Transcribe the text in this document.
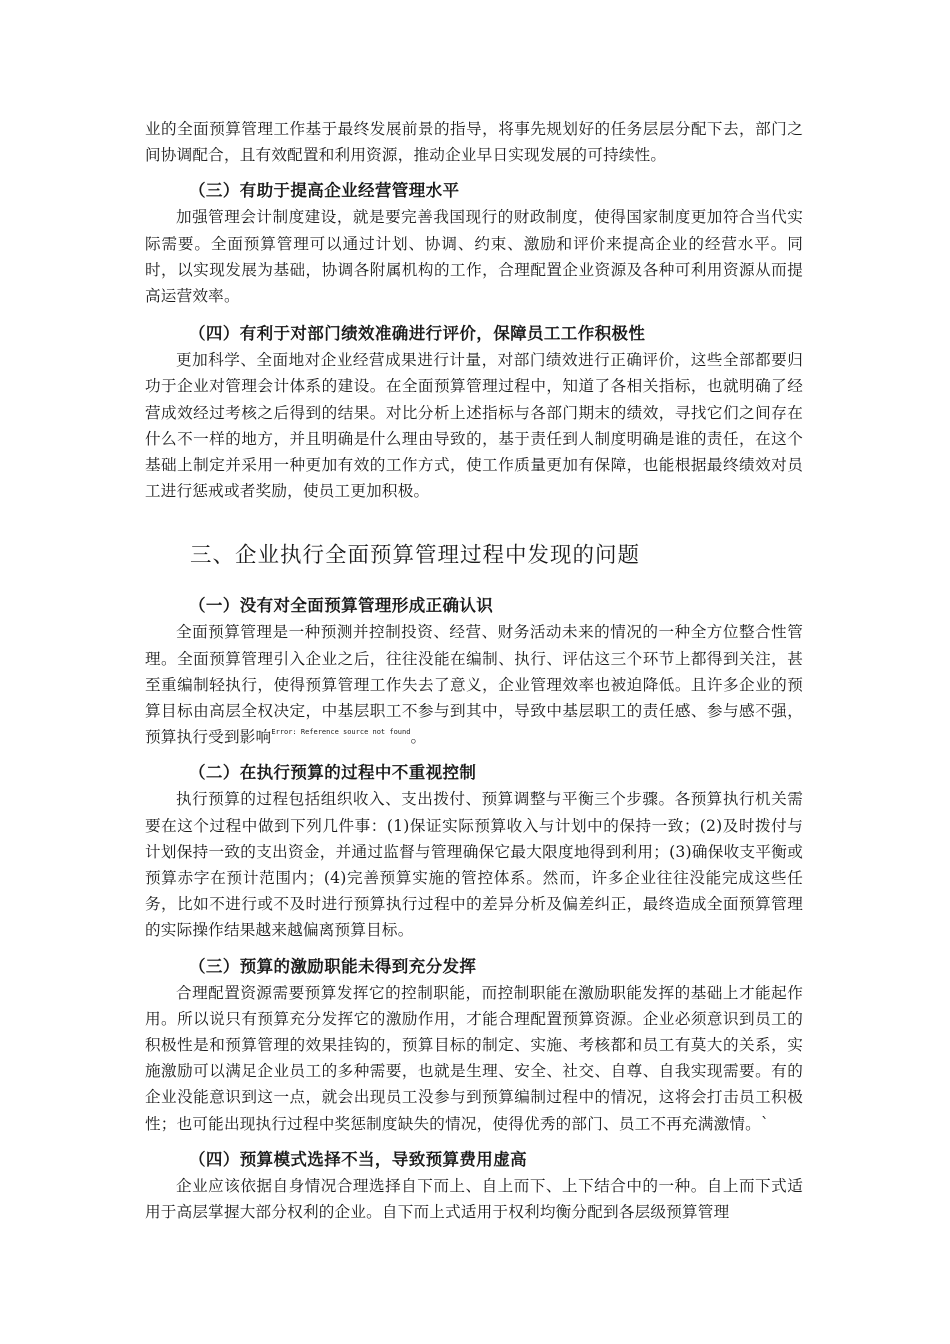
业的全面预算管理工作基于最终发展前景的指导，将事先规划好的任务层层分配下去，部门之间协调配合，且有效配置和利用资源，推动企业早日实现发展的可持续性。

（三）有助于提高企业经营管理水平

加强管理会计制度建设，就是要完善我国现行的财政制度，使得国家制度更加符合当代实际需要。全面预算管理可以通过计划、协调、约束、激励和评价来提高企业的经营水平。同时，以实现发展为基础，协调各附属机构的工作，合理配置企业资源及各种可利用资源从而提高运营效率。

（四）有利于对部门绩效准确进行评价，保障员工工作积极性

更加科学、全面地对企业经营成果进行计量，对部门绩效进行正确评价，这些全部都要归功于企业对管理会计体系的建设。在全面预算管理过程中，知道了各相关指标，也就明确了经营成效经过考核之后得到的结果。对比分析上述指标与各部门期末的绩效，寻找它们之间存在什么不一样的地方，并且明确是什么理由导致的，基于责任到人制度明确是谁的责任，在这个基础上制定并采用一种更加有效的工作方式，使工作质量更加有保障，也能根据最终绩效对员工进行惩戒或者奖励，使员工更加积极。

三、企业执行全面预算管理过程中发现的问题
（一）没有对全面预算管理形成正确认识

全面预算管理是一种预测并控制投资、经营、财务活动未来的情况的一种全方位整合性管理。全面预算管理引入企业之后，往往没能在编制、执行、评估这三个环节上都得到关注，甚至重编制轻执行，使得预算管理工作失去了意义，企业管理效率也被迫降低。且许多企业的预算目标由高层全权决定，中基层职工不参与到其中，导致中基层职工的责任感、参与感不强，预算执行受到影响$^{Error: Reference source not found}$。

（二）在执行预算的过程中不重视控制

执行预算的过程包括组织收入、支出拨付、预算调整与平衡三个步骤。各预算执行机关需要在这个过程中做到下列几件事：(1)保证实际预算收入与计划中的保持一致；(2)及时拨付与计划保持一致的支出资金，并通过监督与管理确保它最大限度地得到利用；(3)确保收支平衡或预算赤字在预计范围内；(4)完善预算实施的管控体系。然而，许多企业往往没能完成这些任务，比如不进行或不及时进行预算执行过程中的差异分析及偏差纠正，最终造成全面预算管理的实际操作结果越来越偏离预算目标。

（三）预算的激励职能未得到充分发挥

合理配置资源需要预算发挥它的控制职能，而控制职能在激励职能发挥的基础上才能起作用。所以说只有预算充分发挥它的激励作用，才能合理配置预算资源。企业必须意识到员工的积极性是和预算管理的效果挂钩的，预算目标的制定、实施、考核都和员工有莫大的关系，实施激励可以满足企业员工的多种需要，也就是生理、安全、社交、自尊、自我实现需要。有的企业没能意识到这一点，就会出现员工没参与到预算编制过程中的情况，这将会打击员工积极性；也可能出现执行过程中奖惩制度缺失的情况，使得优秀的部门、员工不再充满激情。`

（四）预算模式选择不当，导致预算费用虚高

企业应该依据自身情况合理选择自下而上、自上而下、上下结合中的一种。自上而下式适用于高层掌握大部分权利的企业。自下而上式适用于权利均衡分配到各层级预算管理
